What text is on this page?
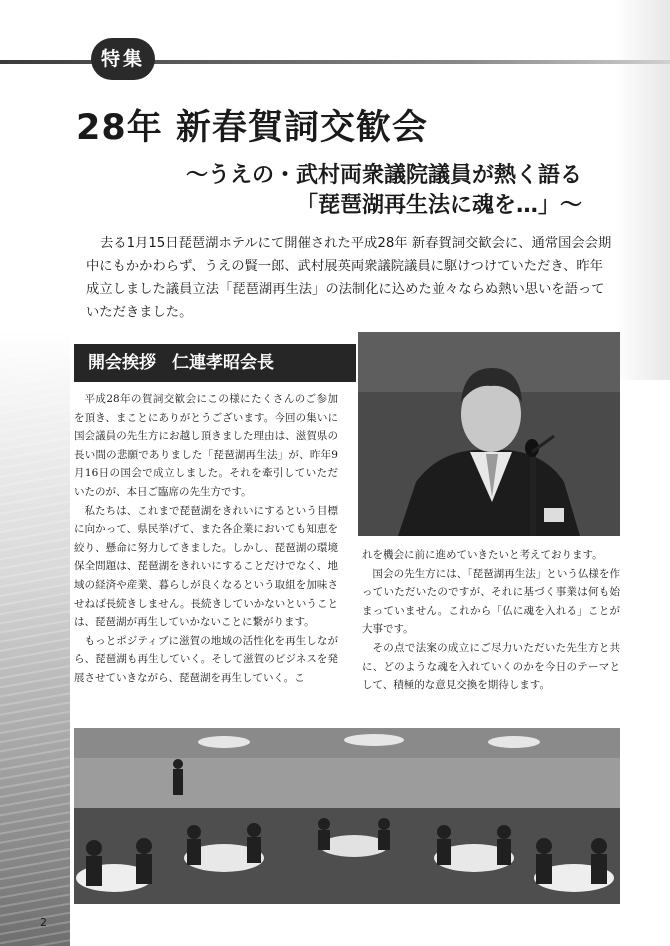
特集
28年 新春賀詞交歓会
～うえの・武村両衆議院議員が熱く語る
「琵琶湖再生法に魂を…」～
去る1月15日琵琶湖ホテルにて開催された平成28年 新春賀詞交歓会に、通常国会会期中にもかかわらず、うえの賢一郎、武村展英両衆議院議員に駆けつけていただき、昨年成立しました議員立法「琵琶湖再生法」の法制化に込めた並々ならぬ熱い思いを語っていただきました。
開会挨拶 仁連孝昭会長

平成28年の賀詞交歓会にこの様にたくさんのご参加を頂き、まことにありがとうございます。今回の集いに国会議員の先生方にお越し頂きました理由は、滋賀県の長い間の悲願でありました「琵琶湖再生法」が、昨年9月16日の国会で成立しました。それを牽引していただいたのが、本日ご臨席の先生方です。

私たちは、これまで琵琶湖をきれいにするという目標に向かって、県民挙げて、また各企業においても知恵を絞り、懸命に努力してきました。しかし、琵琶湖の環境保全問題は、琵琶湖をきれいにすることだけでなく、地域の経済や産業、暮らしが良くなるという取組を加味させねば長続きしません。長続きしていかないということは、琵琶湖が再生していかないことに繋がります。

もっとポジティブに滋賀の地域の活性化を再生しながら、琵琶湖も再生していく。そして滋賀のビジネスを発展させていきながら、琵琶湖を再生していく。こ

れを機会に前に進めていきたいと考えております。

国会の先生方には、「琵琶湖再生法」という仏様を作っていただいたのですが、それに基づく事業は何も始まっていません。これから「仏に魂を入れる」ことが大事です。

その点で法案の成立にご尽力いただいた先生方と共に、どのような魂を入れていくのかを今日のテーマとして、積極的な意見交換を期待します。

2
